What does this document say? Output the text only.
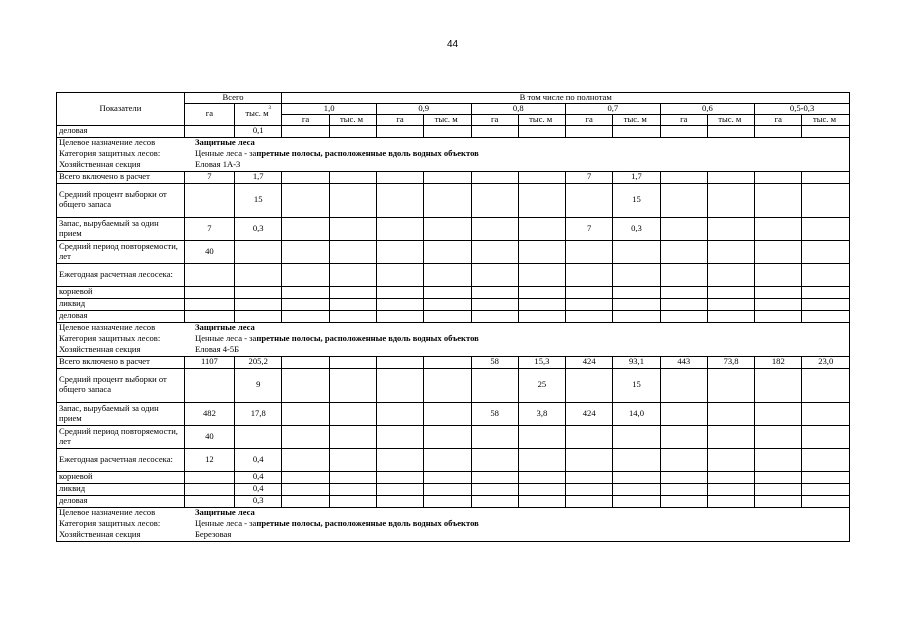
44
Показатели	Всего		В том числе по полнотам											
	га	тыс. $м^3$	1,0		0,9		0,8		0,7		0,6		0,5-0,3	
			га	тыс. $м^3$	га	тыс. $м^3$	га	тыс. $м^3$	га	тыс. $м^3$	га	тыс. $м^3$	га	тыс. $м^3$
деловая		0,1												
Целевое назначение лесов Защитные леса														
Категория защитных лесов: Ценные леса - запретные полосы, расположенные вдоль водных объектов														
Хозяйственная секция Еловая 1А-3														
Всего включено в расчет	7	1,7							7	1,7				
Средний процент выборки от общего запаса		15								15				
Запас, вырубаемый за один прием	7	0,3							7	0,3				
Средний период повторяемости, лет	40													
Ежегодная расчетная лесосека:														
корневой														
ликвид														
деловая														
Целевое назначение лесов Защитные леса														
Категория защитных лесов: Ценные леса - запретные полосы, расположенные вдоль водных объектов														
Хозяйственная секция Еловая 4-5Б														
Всего включено в расчет	1107	205,2					58	15,3	424	93,1	443	73,8	182	23,0
Средний процент выборки от общего запаса		9						25		15				
Запас, вырубаемый за один прием	482	17,8					58	3,8	424	14,0				
Средний период повторяемости, лет	40													
Ежегодная расчетная лесосека:	12	0,4												
корневой		0,4												
ликвид		0,4												
деловая		0,3												
Целевое назначение лесов Защитные леса														
Категория защитных лесов: Ценные леса - запретные полосы, расположенные вдоль водных объектов														
Хозяйственная секция Березовая														
